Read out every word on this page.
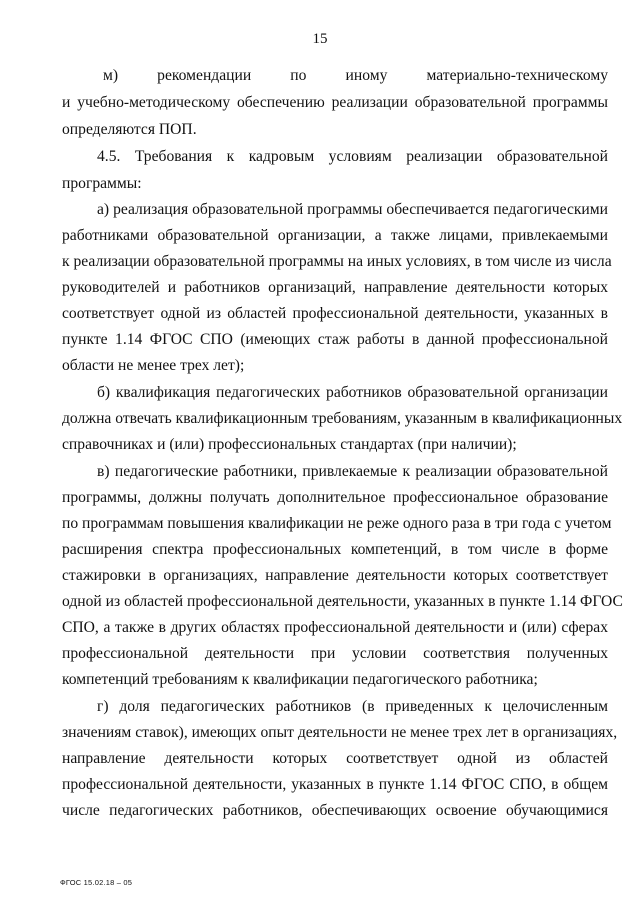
15
м) рекомендации по иному материально-техническому
и учебно-методическому обеспечению реализации образовательной программы
определяются ПОП.
4.5. Требования к кадровым условиям реализации образовательной
программы:
а) реализация образовательной программы обеспечивается педагогическими
работниками образовательной организации, а также лицами, привлекаемыми
к реализации образовательной программы на иных условиях, в том числе из числа
руководителей и работников организаций, направление деятельности которых
соответствует одной из областей профессиональной деятельности, указанных в
пункте 1.14 ФГОС СПО (имеющих стаж работы в данной профессиональной
области не менее трех лет);
б) квалификация педагогических работников образовательной организации
должна отвечать квалификационным требованиям, указанным в квалификационных
справочниках и (или) профессиональных стандартах (при наличии);
в) педагогические работники, привлекаемые к реализации образовательной
программы, должны получать дополнительное профессиональное образование
по программам повышения квалификации не реже одного раза в три года с учетом
расширения спектра профессиональных компетенций, в том числе в форме
стажировки в организациях, направление деятельности которых соответствует
одной из областей профессиональной деятельности, указанных в пункте 1.14 ФГОС
СПО, а также в других областях профессиональной деятельности и (или) сферах
профессиональной деятельности при условии соответствия полученных
компетенций требованиям к квалификации педагогического работника;
г) доля педагогических работников (в приведенных к целочисленным
значениям ставок), имеющих опыт деятельности не менее трех лет в организациях,
направление деятельности которых соответствует одной из областей
профессиональной деятельности, указанных в пункте 1.14 ФГОС СПО, в общем
числе педагогических работников, обеспечивающих освоение обучающимися
ФГОС 15.02.18 – 05
